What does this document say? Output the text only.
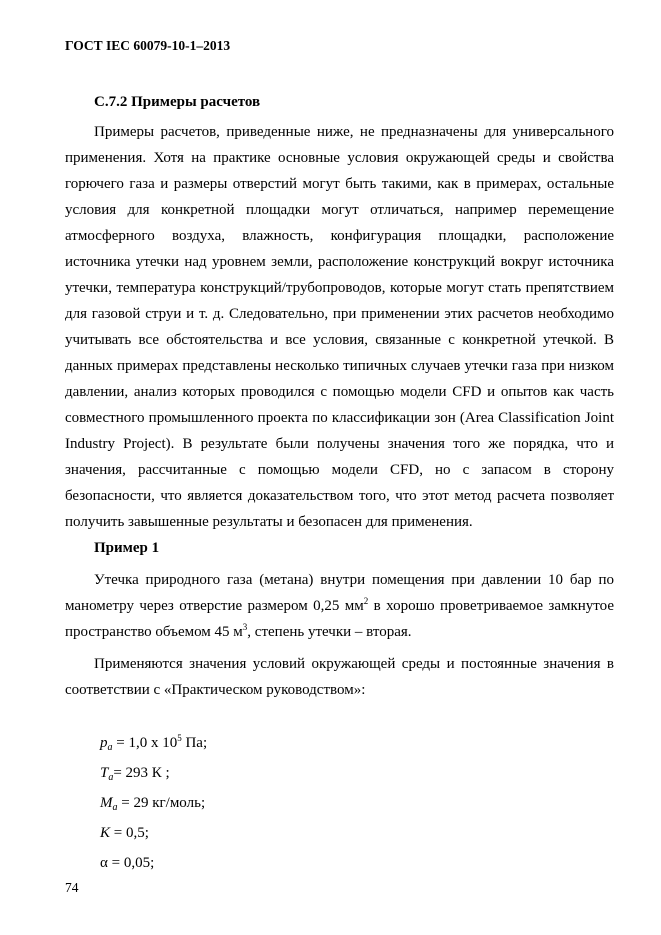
ГОСТ IEC 60079-10-1–2013
С.7.2 Примеры расчетов

Примеры расчетов, приведенные ниже, не предназначены для универсального применения. Хотя на практике основные условия окружающей среды и свойства горючего газа и размеры отверстий могут быть такими, как в примерах, остальные условия для конкретной площадки могут отличаться, например перемещение атмосферного воздуха, влажность, конфигурация площадки, расположение источника утечки над уровнем земли, расположение конструкций вокруг источника утечки, температура конструкций/трубопроводов, которые могут стать препятствием для газовой струи и т. д. Следовательно, при применении этих расчетов необходимо учитывать все обстоятельства и все условия, связанные с конкретной утечкой. В данных примерах представлены несколько типичных случаев утечки газа при низком давлении, анализ которых проводился с помощью модели CFD и опытов как часть совместного промышленного проекта по классификации зон (Area Classification Joint Industry Project). В результате были получены значения того же порядка, что и значения, рассчитанные с помощью модели CFD, но с запасом в сторону безопасности, что является доказательством того, что этот метод расчета позволяет получить завышенные результаты и безопасен для применения.

Пример 1

Утечка природного газа (метана) внутри помещения при давлении 10 бар по манометру через отверстие размером 0,25 $мм^2$ в хорошо проветриваемое замкнутое пространство объемом 45 $м^3$, степень утечки – вторая.

Применяются значения условий окружающей среды и постоянные значения в соответствии с «Практическом руководством»:

$p_a = 1,0$ x $10^5$ Па;
$T_a= 293$ К ;
$M_a = 29$ кг/моль;
K = 0,5;
α = 0,05;
74
